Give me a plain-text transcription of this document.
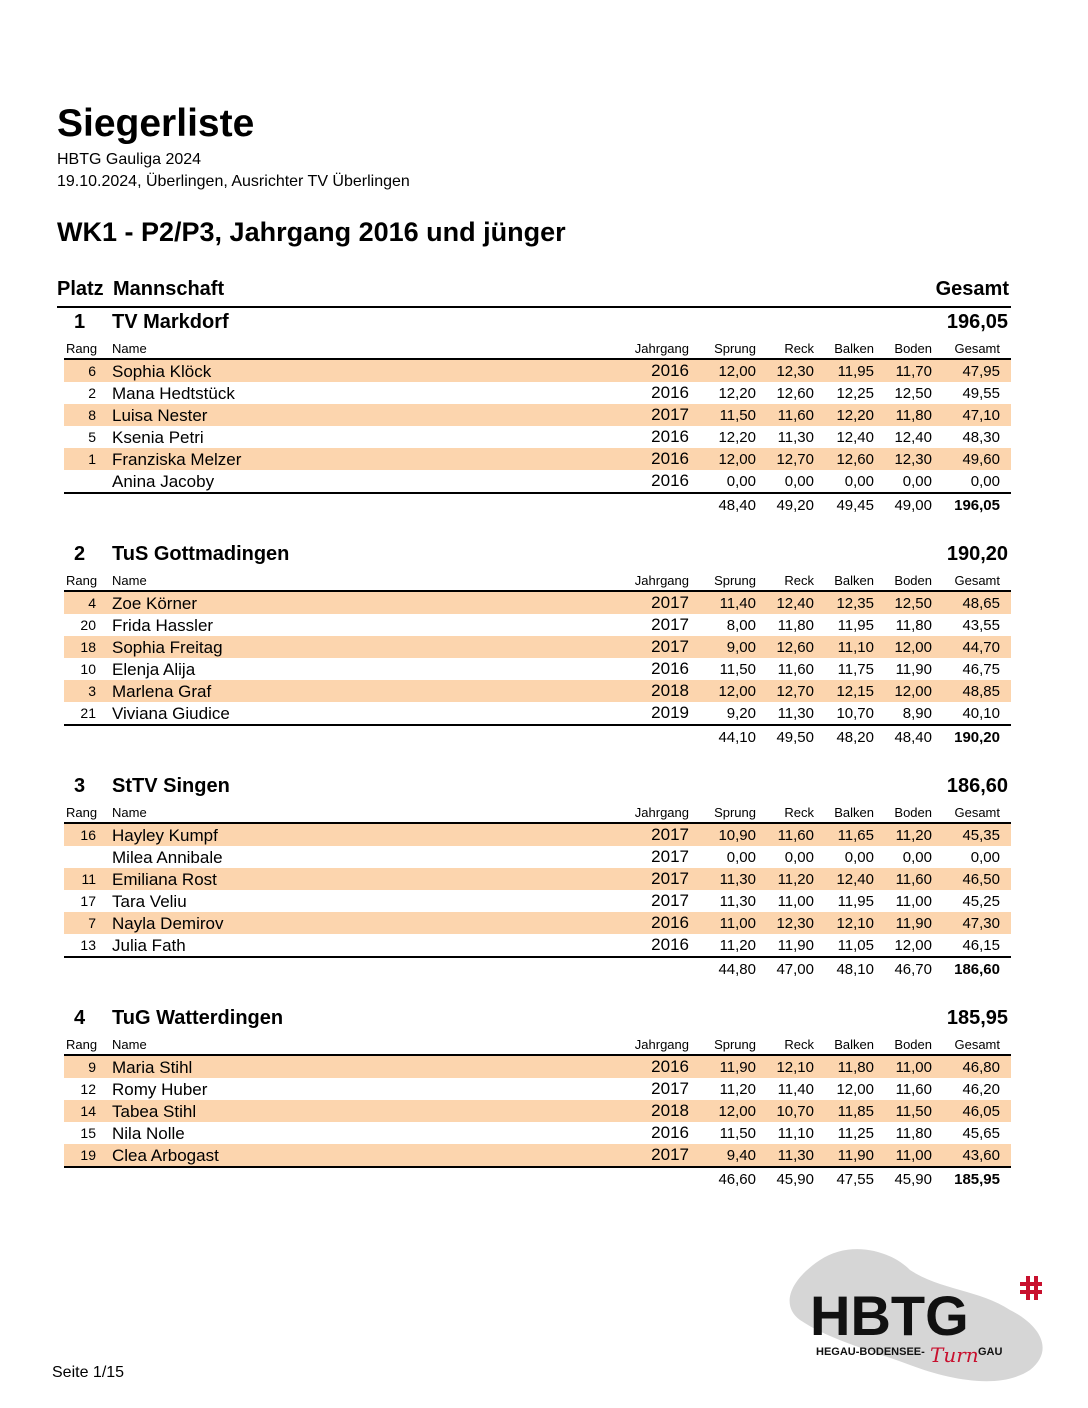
Siegerliste
HBTG Gauliga 2024
19.10.2024, Überlingen, Ausrichter TV Überlingen
WK1 - P2/P3, Jahrgang 2016 und jünger
Platz Mannschaft	Gesamt
1 TV Markdorf	196,05
Rang Name	Jahrgang	Sprung	Reck	Balken	Boden	Gesamt
6 Sophia Klöck	2016	12,00	12,30	11,95	11,70	47,95
2 Mana Hedtstück	2016	12,20	12,60	12,25	12,50	49,55
8 Luisa Nester	2017	11,50	11,60	12,20	11,80	47,10
5 Ksenia Petri	2016	12,20	11,30	12,40	12,40	48,30
1 Franziska Melzer	2016	12,00	12,70	12,60	12,30	49,60
Anina Jacoby	2016	0,00	0,00	0,00	0,00	0,00
48,40	49,20	49,45	49,00	196,05
2 TuS Gottmadingen	190,20
Rang Name	Jahrgang	Sprung	Reck	Balken	Boden	Gesamt
4 Zoe Körner	2017	11,40	12,40	12,35	12,50	48,65
20 Frida Hassler	2017	8,00	11,80	11,95	11,80	43,55
18 Sophia Freitag	2017	9,00	12,60	11,10	12,00	44,70
10 Elenja Alija	2016	11,50	11,60	11,75	11,90	46,75
3 Marlena Graf	2018	12,00	12,70	12,15	12,00	48,85
21 Viviana Giudice	2019	9,20	11,30	10,70	8,90	40,10
44,10	49,50	48,20	48,40	190,20
3 StTV Singen	186,60
Rang Name	Jahrgang	Sprung	Reck	Balken	Boden	Gesamt
16 Hayley Kumpf	2017	10,90	11,60	11,65	11,20	45,35
Milea Annibale	2017	0,00	0,00	0,00	0,00	0,00
11 Emiliana Rost	2017	11,30	11,20	12,40	11,60	46,50
17 Tara Veliu	2017	11,30	11,00	11,95	11,00	45,25
7 Nayla Demirov	2016	11,00	12,30	12,10	11,90	47,30
13 Julia Fath	2016	11,20	11,90	11,05	12,00	46,15
44,80	47,00	48,10	46,70	186,60
4 TuG Watterdingen	185,95
Rang Name	Jahrgang	Sprung	Reck	Balken	Boden	Gesamt
9 Maria Stihl	2016	11,90	12,10	11,80	11,00	46,80
12 Romy Huber	2017	11,20	11,40	12,00	11,60	46,20
14 Tabea Stihl	2018	12,00	10,70	11,85	11,50	46,05
15 Nila Nolle	2016	11,50	11,10	11,25	11,80	45,65
19 Clea Arbogast	2017	9,40	11,30	11,90	11,00	43,60
46,60	45,90	47,55	45,90	185,95
HBTG
HEGAU-BODENSEE- Turn GAU
Seite 1/15
